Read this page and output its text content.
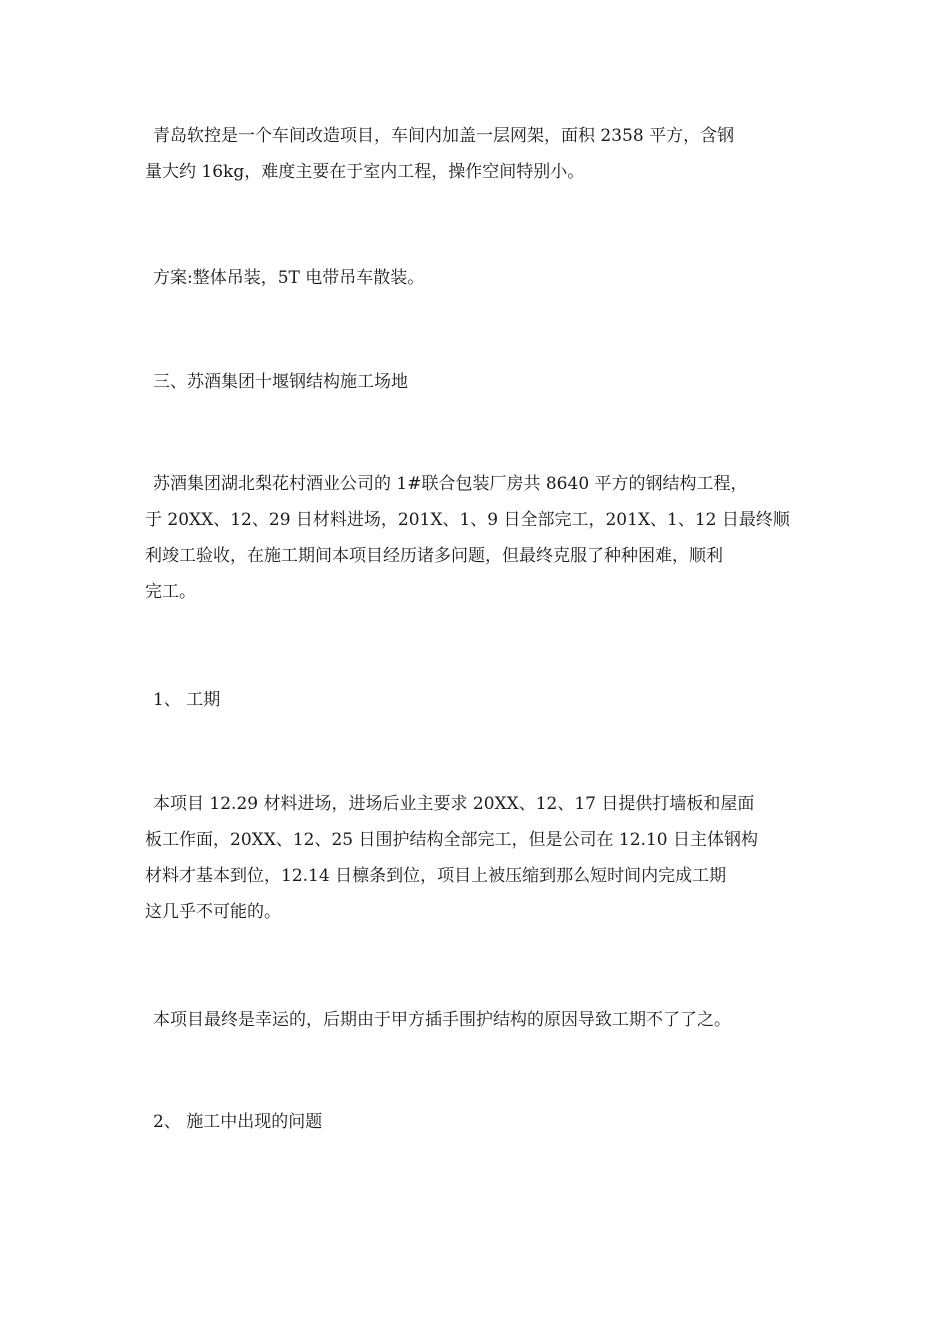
青岛软控是一个车间改造项目，车间内加盖一层网架，面积 2358 平方，含钢
量大约 16kg，难度主要在于室内工程，操作空间特别小。

方案:整体吊装，5T 电带吊车散装。

三、苏酒集团十堰钢结构施工场地

苏酒集团湖北梨花村酒业公司的 1#联合包装厂房共 8640 平方的钢结构工程，
于 20XX、12、29 日材料进场，201X、1、9 日全部完工，201X、1、12 日最终顺
利竣工验收，在施工期间本项目经历诸多问题，但最终克服了种种困难，顺利
完工。

1、 工期

本项目 12.29 材料进场，进场后业主要求 20XX、12、17 日提供打墙板和屋面
板工作面，20XX、12、25 日围护结构全部完工，但是公司在 12.10 日主体钢构
材料才基本到位，12.14 日檩条到位，项目上被压缩到那么短时间内完成工期
这几乎不可能的。

本项目最终是幸运的，后期由于甲方插手围护结构的原因导致工期不了了之。

2、 施工中出现的问题
